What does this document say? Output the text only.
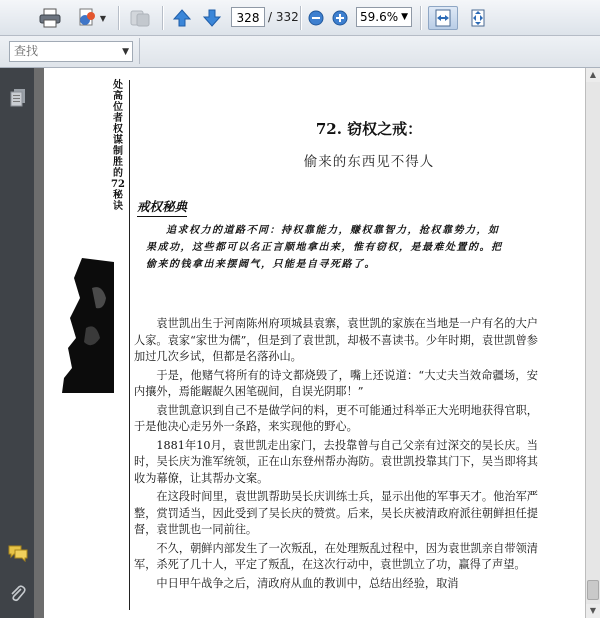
▼	328 / 332	59.6% ▼
查找	▼
处高位者权谋制胜的72秘诀
72. 窃权之戒：
偷来的东西见不得人
戒权秘典
追求权力的道路不同：持权靠能力，赚权靠智力，抢权靠势力，如果成功，这些都可以名正言顺地拿出来，惟有窃权，是最难处置的。把偷来的钱拿出来摆阔气，只能是自寻死路了。

袁世凯出生于河南陈州府项城县袁寨，袁世凯的家族在当地是一户有名的大户人家。袁家“家世为儒”，但是到了袁世凯，却极不喜读书。少年时期，袁世凯曾参加过几次乡试，但都是名落孙山。

于是，他赌气将所有的诗文都烧毁了，嘴上还说道：“大丈夫当效命疆场，安内攘外，焉能龌龊久困笔砚间，自误光阴耶！”

袁世凯意识到自己不是做学问的料，更不可能通过科举正大光明地获得官职，于是他决心走另外一条路，来实现他的野心。

1881年10月，袁世凯走出家门，去投靠曾与自己父亲有过深交的吴长庆。当时，吴长庆为淮军统领，正在山东登州帮办海防。袁世凯投靠其门下，吴当即将其收为幕僚，让其帮办文案。

在这段时间里，袁世凯帮助吴长庆训练士兵，显示出他的军事天才。他治军严整，赏罚适当，因此受到了吴长庆的赞赏。后来，吴长庆被清政府派往朝鲜担任提督，袁世凯也一同前往。

不久，朝鲜内部发生了一次叛乱，在处理叛乱过程中，因为袁世凯亲自带领清军，杀死了几十人，平定了叛乱，在这次行动中，袁世凯立了功，赢得了声望。

中日甲午战争之后，清政府从血的教训中，总结出经验，取消

▲
▼
